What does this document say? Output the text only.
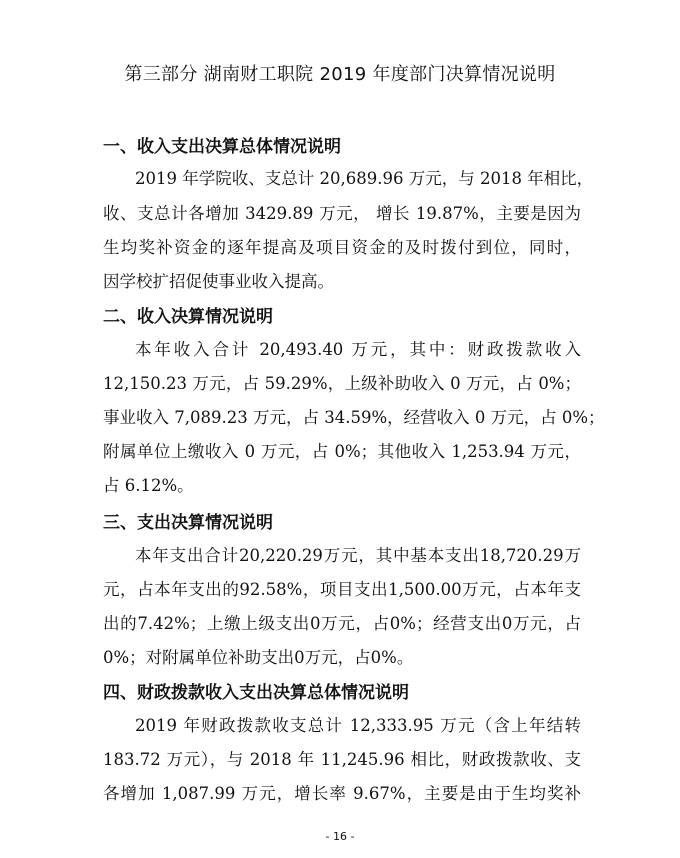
第三部分 湖南财工职院 2019 年度部门决算情况说明
一、收入支出决算总体情况说明
2019 年学院收、支总计 20,689.96 万元，与 2018 年相比，
收、支总计各增加 3429.89 万元， 增长 19.87%，主要是因为
生均奖补资金的逐年提高及项目资金的及时拨付到位，同时，
因学校扩招促使事业收入提高。
二、收入决算情况说明
本年收入合计 20,493.40 万元，其中：财政拨款收入
12,150.23 万元，占 59.29%，上级补助收入 0 万元，占 0%；
事业收入 7,089.23 万元，占 34.59%，经营收入 0 万元，占 0%；
附属单位上缴收入 0 万元，占 0%；其他收入 1,253.94 万元，
占 6.12%。
三、支出决算情况说明
本年支出合计20,220.29万元，其中基本支出18,720.29万
元，占本年支出的92.58%，项目支出1,500.00万元，占本年支
出的7.42%；上缴上级支出0万元，占0%；经营支出0万元，占
0%；对附属单位补助支出0万元，占0%。
四、财政拨款收入支出决算总体情况说明
2019 年财政拨款收支总计 12,333.95 万元（含上年结转
183.72 万元），与 2018 年 11,245.96 相比，财政拨款收、支
各增加 1,087.99 万元，增长率 9.67%，主要是由于生均奖补
- 16 -
